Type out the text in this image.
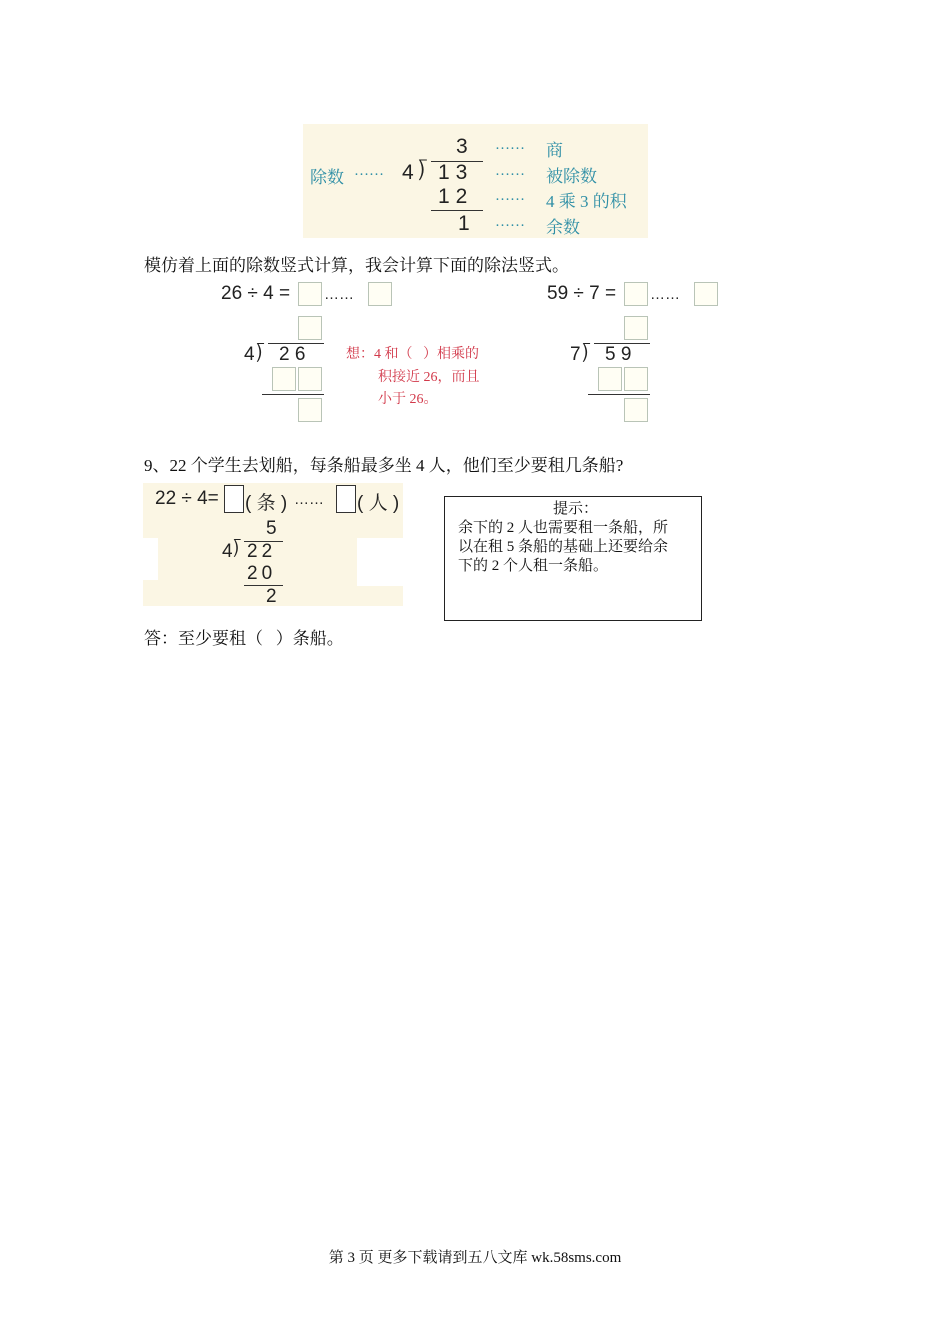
3
除数 …… 4 ⟌ 13
12
1
…… 商
…… 被除数
…… 4 乘 3 的积
…… 余数
模仿着上面的除数竖式计算，我会计算下面的除法竖式。
26 ÷ 4 = ……
4 ⟌ 2 6	想：4 和（   ）相乘的
积接近 26，而且
小于 26。
59 ÷ 7 = ……
7 ⟌ 5 9
9、22 个学生去划船，每条船最多坐 4 人，他们至少要租几条船?
22 ÷ 4= ( 条 ) …… ( 人 )
5
4 ⟌ 22
20
2
提示：
余下的 2 人也需要租一条船，所
以在租 5 条船的基础上还要给余
下的 2 个人租一条船。
答：至少要租（   ）条船。
第 3 页 更多下载请到五八文库 wk.58sms.com
